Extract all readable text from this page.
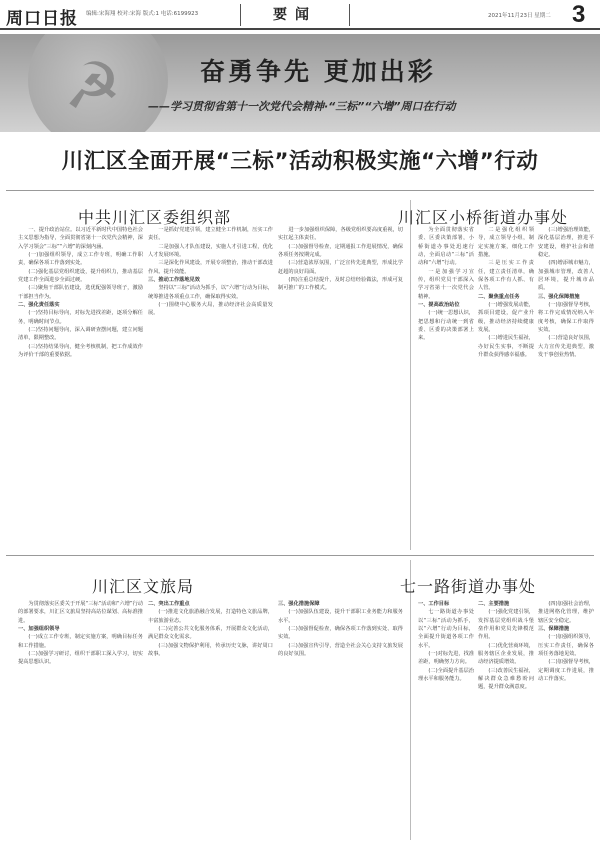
周口日报 编辑:宋海翔 校对:宋海 版式:1 电话:6199923	要闻	2021年11月23日 星期二 3
☭	奋勇争先 更加出彩
——学习贯彻省第十一次党代会精神·“三标”“六增”周口在行动
川汇区全面开展“三标”活动积极实施“六增”行动
中共川汇区委组织部

一、提升政治站位。以习近平新时代中国特色社会主义思想为指导，全面贯彻省第十一次党代会精神，深入学习领会“三标”“六增”的深刻内涵。

(一)加强组织领导，成立工作专班，明确工作职责，确保各项工作落到实处。

(二)强化基层党组织建设，提升组织力，推动基层党建工作全面进步全面过硬。

(三)聚焦干部队伍建设，选优配强领导班子，激励干部担当作为。

二、强化责任落实

(一)坚持目标导向，对标先进找差距，逐项分解任务，明确时间节点。

(二)坚持问题导向，深入调研查摆问题，建立问题清单，限期整改。

(三)坚持结果导向，健全考核机制，把工作成效作为评价干部的重要依据。

一是抓好党建引领，建立健全工作机制，压实工作责任。

二是加强人才队伍建设，实施人才引进工程，优化人才发展环境。

三是深化作风建设，开展专项整治，推动干部改进作风、提升效能。

三、推动工作落地见效

坚持以“三标”活动为抓手，以“六增”行动为目标，统筹推进各项重点工作，确保取得实效。

(一)围绕中心服务大局，推动经济社会高质量发展。

进一步加强组织保障，各级党组织要高度重视，切实扛起主体责任。

(二)加强督导检查，定期通报工作进展情况，确保各项任务按期完成。

(三)营造浓厚氛围，广泛宣传先进典型，形成比学赶超的良好局面。

(四)注重总结提升，及时总结经验做法，形成可复制可推广的工作模式。

川汇区小桥街道办事处

为全面贯彻落实省委、区委决策部署，小桥街道办事处迅速行动，全面启动“三标”活动和“六增”行动。

一是加强学习宣传，组织党员干部深入学习省第十一次党代会精神。

一、提高政治站位

(一)统一思想认识，把思想和行动统一到省委、区委的决策部署上来。

二是强化组织领导，成立领导小组，制定实施方案，细化工作措施。

三是压实工作责任，建立责任清单，确保各项工作有人抓、有人管。

二、聚焦重点任务

(一)增强发展动能，抓项目建设，促产业升级，推动经济持续健康发展。

(二)增进民生福祉，办好民生实事，不断提升群众获得感幸福感。

(三)增强治理效能，深化基层治理，推进平安建设，维护社会和谐稳定。

(四)增添城市魅力，加强城市管理，改善人居环境，提升城市品质。

三、强化保障措施

(一)加强督导考核，将工作完成情况纳入年度考核，确保工作取得实效。

(二)营造良好氛围，大力宣传先进典型，激发干事创业热情。

川汇区文旅局

为贯彻落实区委关于开展“三标”活动和“六增”行动的部署要求，川汇区文旅局坚持高站位谋划、高标准推进。

一、加强组织领导

(一)成立工作专班，制定实施方案，明确目标任务和工作措施。

(二)加强学习研讨，组织干部职工深入学习，切实提高思想认识。

二、突出工作重点

(一)推进文化旅游融合发展，打造特色文旅品牌，丰富旅游业态。

(二)完善公共文化服务体系，开展群众文化活动，满足群众文化需求。

(三)加强文物保护利用，传承历史文脉，讲好周口故事。

三、强化措施保障

(一)加强队伍建设，提升干部职工业务能力和服务水平。

(二)加强督促检查，确保各项工作落到实处、取得实效。

(三)加强宣传引导，营造全社会关心支持文旅发展的良好氛围。

七一路街道办事处

一、工作目标

七一路街道办事处以“三标”活动为抓手，以“六增”行动为目标，全面提升街道各项工作水平。

(一)对标先进，找准差距，明确努力方向。

(二)全面提升基层治理水平和服务能力。

二、主要措施

(一)强化党建引领，发挥基层党组织战斗堡垒作用和党员先锋模范作用。

(二)优化营商环境，服务辖区企业发展，推动经济提质增效。

(三)改善民生福祉，解决群众急难愁盼问题，提升群众满意度。

(四)加强社会治理，推进网格化管理，维护辖区安全稳定。

三、保障措施

(一)加强组织领导，压实工作责任，确保各项任务落地见效。

(二)加强督导考核，定期调度工作进展，推动工作落实。
